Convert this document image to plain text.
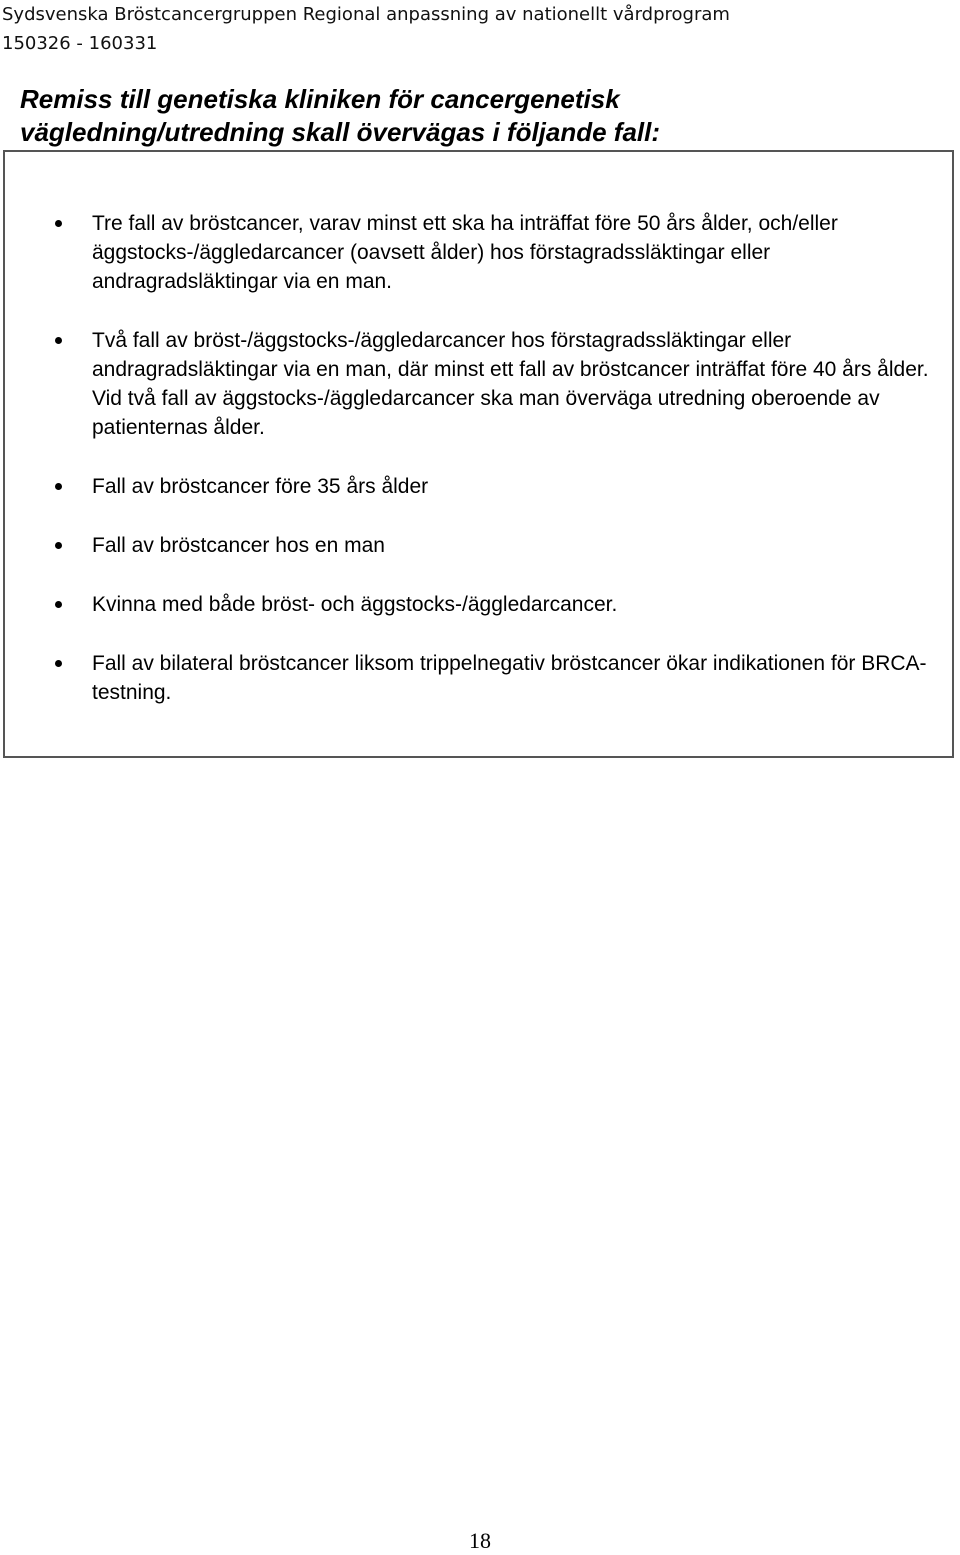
Sydsvenska Bröstcancergruppen Regional anpassning av nationellt vårdprogram
150326 - 160331
Remiss till genetiska kliniken för cancergenetisk
vägledning/utredning skall övervägas i följande fall:
Tre fall av bröstcancer, varav minst ett ska ha inträffat före 50 års ålder, och/eller äggstocks-/äggledarcancer (oavsett ålder) hos förstagradssläktingar eller andragradsläktingar via en man.
Två fall av bröst-/äggstocks-/äggledarcancer hos förstagradssläktingar eller andragradsläktingar via en man, där minst ett fall av bröstcancer inträffat före 40 års ålder. Vid två fall av äggstocks-/äggledarcancer ska man överväga utredning oberoende av patienternas ålder.
Fall av bröstcancer före 35 års ålder
Fall av bröstcancer hos en man
Kvinna med både bröst- och äggstocks-/äggledarcancer.
Fall av bilateral bröstcancer liksom trippelnegativ bröstcancer ökar indikationen för BRCA-testning.
18
